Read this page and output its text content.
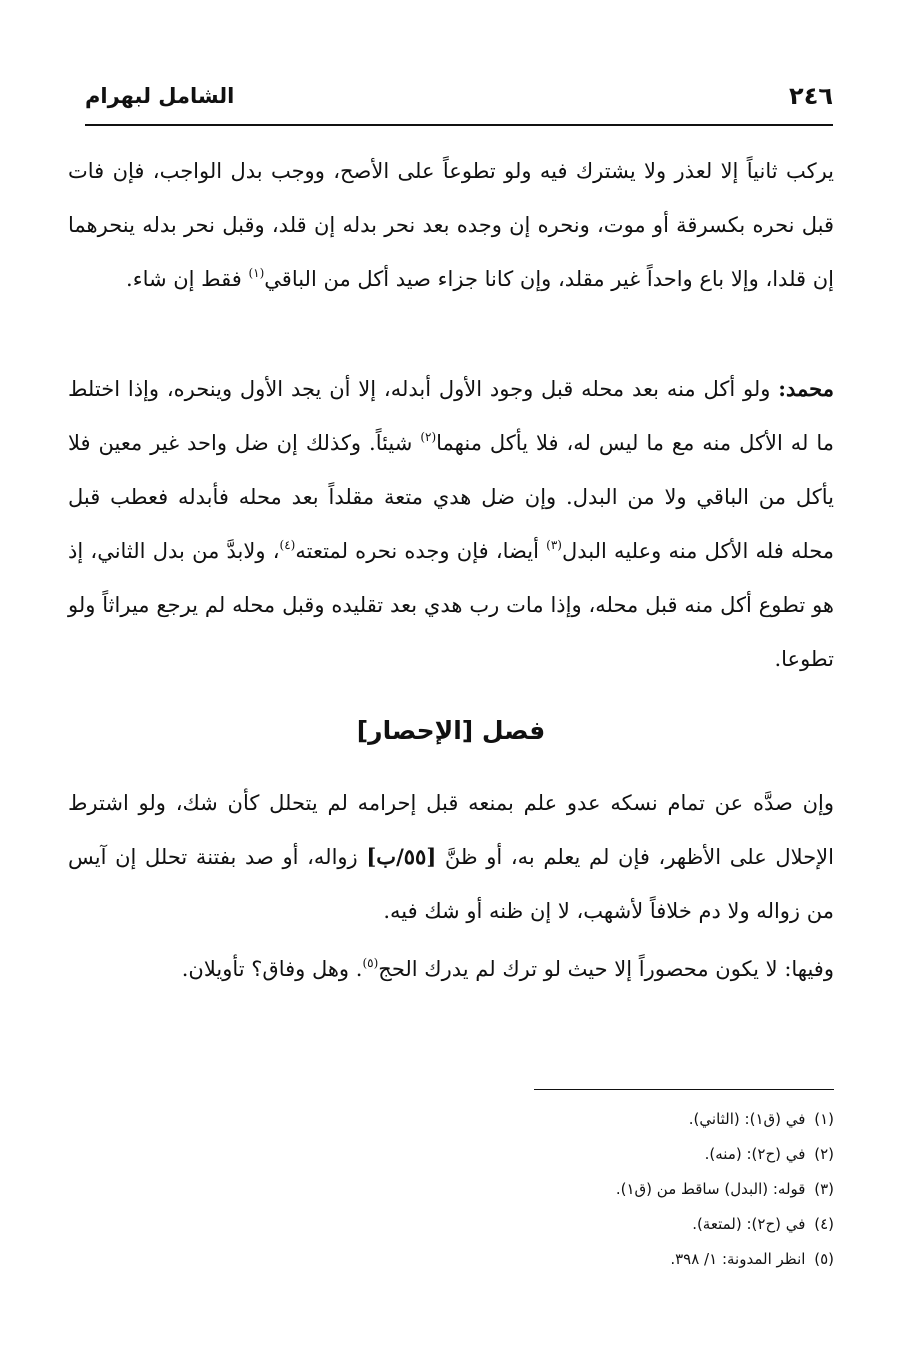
٢٤٦
الشامل لبهرام

يركب ثانياً إلا لعذر ولا يشترك فيه ولو تطوعاً على الأصح، ووجب بدل الواجب، فإن فات قبل نحره بكسرقة أو موت، ونحره إن وجده بعد نحر بدله إن قلد، وقبل نحر بدله ينحرهما إن قلدا، وإلا باع واحداً غير مقلد، وإن كانا جزاء صيد أكل من الباقي$^{(١)}$ فقط إن شاء.

محمد: ولو أكل منه بعد محله قبل وجود الأول أبدله، إلا أن يجد الأول وينحره، وإذا اختلط ما له الأكل منه مع ما ليس له، فلا يأكل منهما$^{(٢)}$ شيئاً. وكذلك إن ضل واحد غير معين فلا يأكل من الباقي ولا من البدل. وإن ضل هدي متعة مقلداً بعد محله فأبدله فعطب قبل محله فله الأكل منه وعليه البدل$^{(٣)}$ أيضا، فإن وجده نحره لمتعته$^{(٤)}$، ولابدَّ من بدل الثاني، إذ هو تطوع أكل منه قبل محله، وإذا مات رب هدي بعد تقليده وقبل محله لم يرجع ميراثاً ولو تطوعا.

فصل [الإحصار]

وإن صدَّه عن تمام نسكه عدو علم بمنعه قبل إحرامه لم يتحلل كأن شك، ولو اشترط الإحلال على الأظهر، فإن لم يعلم به، أو ظنَّ [٥٥/ب] زواله، أو صد بفتنة تحلل إن آيس من زواله ولا دم خلافاً لأشهب، لا إن ظنه أو شك فيه.

وفيها: لا يكون محصوراً إلا حيث لو ترك لم يدرك الحج$^{(٥)}$. وهل وفاق؟ تأويلان.

(١) في (ق١): (الثاني).
(٢) في (ح٢): (منه).
(٣) قوله: (البدل) ساقط من (ق١).
(٤) في (ح٢): (لمتعة).
(٥) انظر المدونة: ١/ ٣٩٨.
